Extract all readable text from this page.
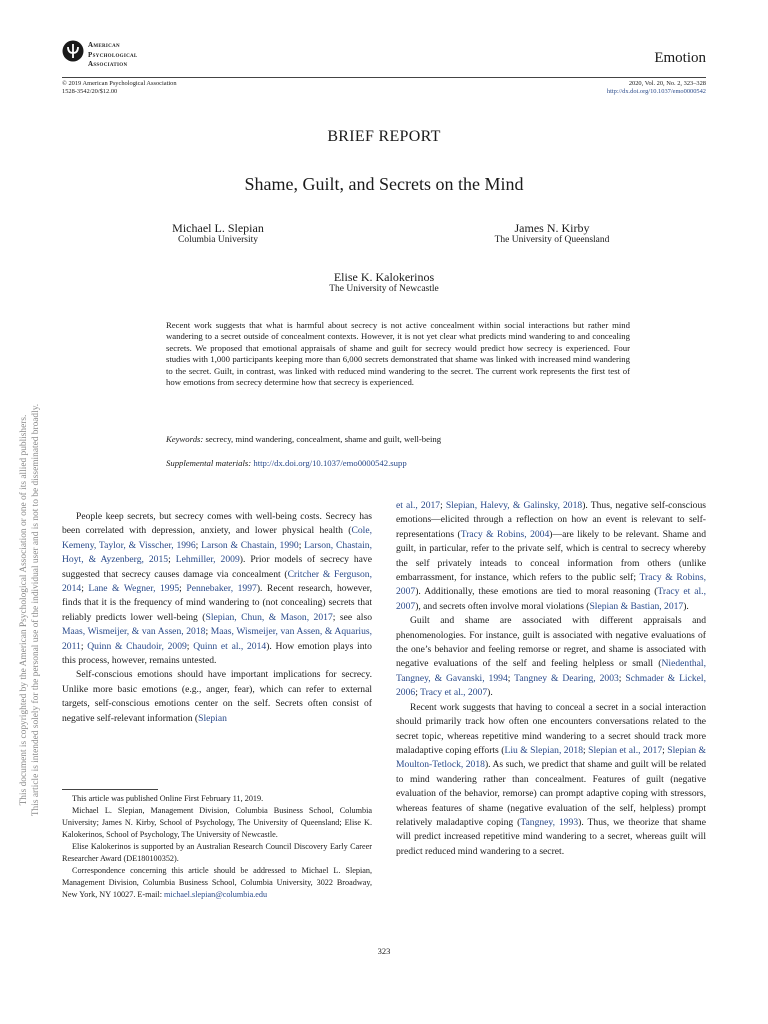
American
Psychological
Association	Emotion
© 2019 American Psychological Association
1528-3542/20/$12.00
2020, Vol. 20, No. 2, 323–328
http://dx.doi.org/10.1037/emo0000542
BRIEF REPORT
Shame, Guilt, and Secrets on the Mind
Michael L. Slepian
Columbia University
James N. Kirby
The University of Queensland
Elise K. Kalokerinos
The University of Newcastle
Recent work suggests that what is harmful about secrecy is not active concealment within social interactions but rather mind wandering to a secret outside of concealment contexts. However, it is not yet clear what predicts mind wandering to and concealing secrets. We proposed that emotional appraisals of shame and guilt for secrecy would predict how secrecy is experienced. Four studies with 1,000 participants keeping more than 6,000 secrets demonstrated that shame was linked with increased mind wandering to the secret. Guilt, in contrast, was linked with reduced mind wandering to the secret. The current work represents the first test of how emotions from secrecy determine how that secrecy is experienced.
Keywords: secrecy, mind wandering, concealment, shame and guilt, well-being
Supplemental materials: http://dx.doi.org/10.1037/emo0000542.supp

People keep secrets, but secrecy comes with well-being costs. Secrecy has been correlated with depression, anxiety, and lower physical health (Cole, Kemeny, Taylor, & Visscher, 1996; Larson & Chastain, 1990; Larson, Chastain, Hoyt, & Ayzenberg, 2015; Lehmiller, 2009). Prior models of secrecy have suggested that secrecy causes damage via concealment (Critcher & Ferguson, 2014; Lane & Wegner, 1995; Pennebaker, 1997). Recent research, however, finds that it is the frequency of mind wandering to (not concealing) secrets that reliably predicts lower well-being (Slepian, Chun, & Mason, 2017; see also Maas, Wismeijer, & van Assen, 2018; Maas, Wismeijer, van Assen, & Aquarius, 2011; Quinn & Chaudoir, 2009; Quinn et al., 2014). How emotion plays into this process, however, remains untested.

Self-conscious emotions should have important implications for secrecy. Unlike more basic emotions (e.g., anger, fear), which can refer to external targets, self-conscious emotions center on the self. Secrets often consist of negative self-relevant information (Slepian

et al., 2017; Slepian, Halevy, & Galinsky, 2018). Thus, negative self-conscious emotions—elicited through a reflection on how an event is relevant to self-representations (Tracy & Robins, 2004)—are likely to be relevant. Shame and guilt, in particular, refer to the private self, which is central to secrecy whereby the self privately inteads to conceal information from others (unlike embarrassment, for instance, which refers to the public self; Tracy & Robins, 2007). Additionally, these emotions are tied to moral reasoning (Tracy et al., 2007), and secrets often involve moral violations (Slepian & Bastian, 2017).

Guilt and shame are associated with different appraisals and phenomenologies. For instance, guilt is associated with negative evaluations of the one’s behavior and feeling remorse or regret, and shame is associated with negative evaluations of the self and feeling helpless or small (Niedenthal, Tangney, & Gavanski, 1994; Tangney & Dearing, 2003; Schmader & Lickel, 2006; Tracy et al., 2007).

Recent work suggests that having to conceal a secret in a social interaction should primarily track how often one encounters conversations related to the secret topic, whereas repetitive mind wandering to a secret should track more maladaptive coping efforts (Liu & Slepian, 2018; Slepian et al., 2017; Slepian & Moulton-Tetlock, 2018). As such, we predict that shame and guilt will be related to mind wandering rather than concealment. Features of guilt (negative evaluation of the behavior, remorse) can prompt adaptive coping with stressors, whereas features of shame (negative evaluation of the self, helpless) prompt relatively maladaptive coping (Tangney, 1993). Thus, we theorize that shame will predict increased repetitive mind wandering to a secret, whereas guilt will predict reduced mind wandering to a secret.

This article was published Online First February 11, 2019.

Michael L. Slepian, Management Division, Columbia Business School, Columbia University; James N. Kirby, School of Psychology, The University of Queensland; Elise K. Kalokerinos, School of Psychology, The University of Newcastle.

Elise Kalokerinos is supported by an Australian Research Council Discovery Early Career Researcher Award (DE180100352).

Correspondence concerning this article should be addressed to Michael L. Slepian, Management Division, Columbia Business School, Columbia University, 3022 Broadway, New York, NY 10027. E-mail: michael.slepian@columbia.edu

323
This document is copyrighted by the American Psychological Association or one of its allied publishers. This article is intended solely for the personal use of the individual user and is not to be disseminated broadly.
